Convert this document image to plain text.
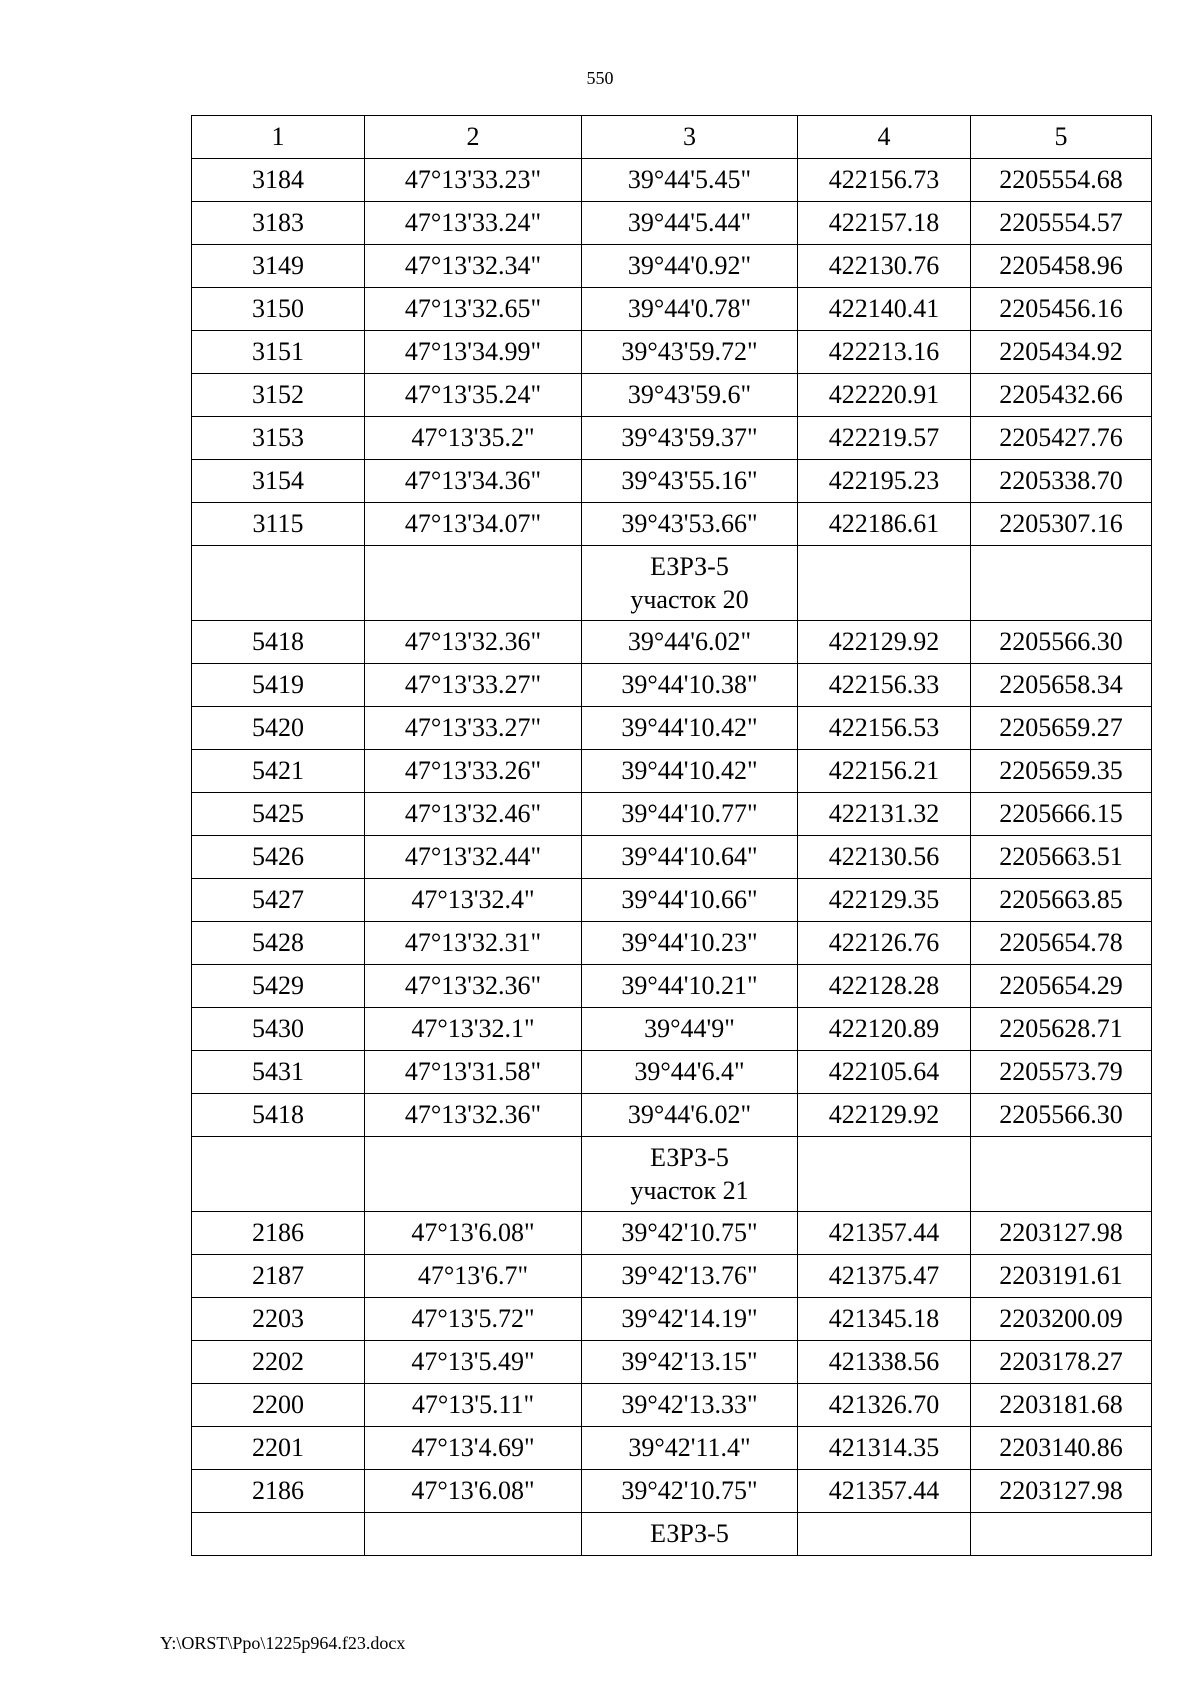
550
1	2	3	4	5
3184	47°13'33.23"	39°44'5.45"	422156.73	2205554.68
3183	47°13'33.24"	39°44'5.44"	422157.18	2205554.57
3149	47°13'32.34"	39°44'0.92"	422130.76	2205458.96
3150	47°13'32.65"	39°44'0.78"	422140.41	2205456.16
3151	47°13'34.99"	39°43'59.72"	422213.16	2205434.92
3152	47°13'35.24"	39°43'59.6"	422220.91	2205432.66
3153	47°13'35.2"	39°43'59.37"	422219.57	2205427.76
3154	47°13'34.36"	39°43'55.16"	422195.23	2205338.70
3115	47°13'34.07"	39°43'53.66"	422186.61	2205307.16

		ЕЗРЗ-5
участок 20		

5418	47°13'32.36"	39°44'6.02"	422129.92	2205566.30
5419	47°13'33.27"	39°44'10.38"	422156.33	2205658.34
5420	47°13'33.27"	39°44'10.42"	422156.53	2205659.27
5421	47°13'33.26"	39°44'10.42"	422156.21	2205659.35
5425	47°13'32.46"	39°44'10.77"	422131.32	2205666.15
5426	47°13'32.44"	39°44'10.64"	422130.56	2205663.51
5427	47°13'32.4"	39°44'10.66"	422129.35	2205663.85
5428	47°13'32.31"	39°44'10.23"	422126.76	2205654.78
5429	47°13'32.36"	39°44'10.21"	422128.28	2205654.29
5430	47°13'32.1"	39°44'9"	422120.89	2205628.71
5431	47°13'31.58"	39°44'6.4"	422105.64	2205573.79
5418	47°13'32.36"	39°44'6.02"	422129.92	2205566.30

		ЕЗРЗ-5
участок 21		

2186	47°13'6.08"	39°42'10.75"	421357.44	2203127.98
2187	47°13'6.7"	39°42'13.76"	421375.47	2203191.61
2203	47°13'5.72"	39°42'14.19"	421345.18	2203200.09
2202	47°13'5.49"	39°42'13.15"	421338.56	2203178.27
2200	47°13'5.11"	39°42'13.33"	421326.70	2203181.68
2201	47°13'4.69"	39°42'11.4"	421314.35	2203140.86
2186	47°13'6.08"	39°42'10.75"	421357.44	2203127.98

		ЕЗРЗ-5		

Y:\ORST\Ppo\1225p964.f23.docx
